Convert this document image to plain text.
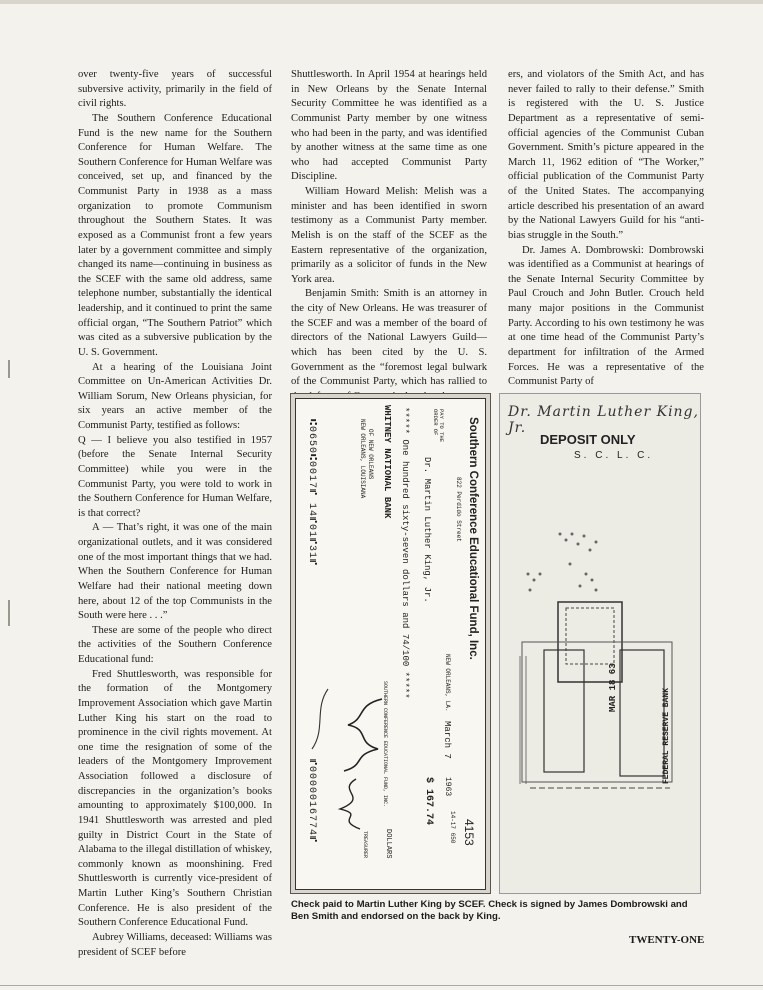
over twenty-five years of successful subversive activity, primarily in the field of civil rights.

The Southern Conference Educational Fund is the new name for the Southern Conference for Human Welfare. The Southern Conference for Human Welfare was conceived, set up, and financed by the Communist Party in 1938 as a mass organization to promote Communism throughout the Southern States. It was exposed as a Communist front a few years later by a government committee and simply changed its name—continuing in business as the SCEF with the same old address, same telephone number, substantially the identical leadership, and it continued to print the same official organ, “The Southern Patriot” which was cited as a subversive publication by the U. S. Government.

At a hearing of the Louisiana Joint Committee on Un-American Activities Dr. William Sorum, New Orleans physician, for six years an active member of the Communist Party, testified as follows:

Q — I believe you also testified in 1957 (before the Senate Internal Security Committee) while you were in the Communist Party, you were told to work in the Southern Conference for Human Welfare, is that correct?

A — That’s right, it was one of the main organizational outlets, and it was considered one of the most important things that we had. When the Southern Conference for Human Welfare had their national meeting down here, about 12 of the top Communists in the South were here . . .”

These are some of the people who direct the activities of the Southern Conference Educational fund:

Fred Shuttlesworth, was responsible for the formation of the Montgomery Improvement Association which gave Martin Luther King his start on the road to prominence in the civil rights movement. At one time the resignation of some of the leaders of the Montgomery Improvement Association followed a disclosure of discrepancies in the organization’s books amounting to approximately $100,000. In 1941 Shuttlesworth was arrested and pled guilty in District Court in the State of Alabama to the illegal distillation of whiskey, commonly known as moonshining. Fred Shuttlesworth is currently vice-president of Martin Luther King’s Southern Christian Conference. He is also president of the Southern Conference Educational Fund.

Aubrey Williams, deceased: Williams was president of SCEF before

Shuttlesworth. In April 1954 at hearings held in New Orleans by the Senate Internal Security Committee he was identified as a Communist Party member by one witness who had been in the party, and was identified by another witness at the same time as one who had accepted Communist Party Discipline.

William Howard Melish: Melish was a minister and has been identified in sworn testimony as a Communist Party member. Melish is on the staff of the SCEF as the Eastern representative of the organization, primarily as a solicitor of funds in the New York area.

Benjamin Smith: Smith is an attorney in the city of New Orleans. He was treasurer of the SCEF and was a member of the board of directors of the National Lawyers Guild—which has been cited by the U. S. Government as the “foremost legal bulwark of the Communist Party, which has rallied to

ers, and violators of the Smith Act, and has never failed to rally to their defense.” Smith is registered with the U. S. Justice Department as a representative of semi-official agencies of the Communist Cuban Government. Smith’s picture appeared in the March 11, 1962 edition of “The Worker,” official publication of the Communist Party of the United States. The accompanying article described his presentation of an award by the National Lawyers Guild for his “anti-bias struggle in the South.”

Dr. James A. Dombrowski: Dombrowski was identified as a Communist at hearings of the Senate Internal Security Committee by Paul Crouch and John Butler. Crouch held many major positions in the Communist Party. According to his own testimony he was at one time head of the Communist Party’s department for infiltration of the Armed Forces. He was a representative of the Communist Party of

Southern Conference Educational Fund, Inc.
822 Perdido Street
4153
NEW ORLEANS, LA.
March 7
1963
14-17 650
PAY TO THE ORDER OF
Dr. Martin Luther King, Jr.
$ 167.74
***** One hundred sixty-seven dollars and 74/100 *****
DOLLARS
WHITNEY NATIONAL BANK
OF NEW ORLEANS
NEW ORLEANS, LOUISIANA
SOUTHERN CONFERENCE EDUCATIONAL FUND, INC.
TREASURER
⑆0650⑆0017⑈ 14⑈01⑈31⑈
⑈0000016774⑈
Dr. Martin Luther King, Jr.
DEPOSIT ONLY
S. C. L. C.
MAR 18 63
FEDERAL RESERVE BANK
Check paid to Martin Luther King by SCEF. Check is signed by James Dombrowski and Ben Smith and endorsed on the back by King.
TWENTY-ONE
